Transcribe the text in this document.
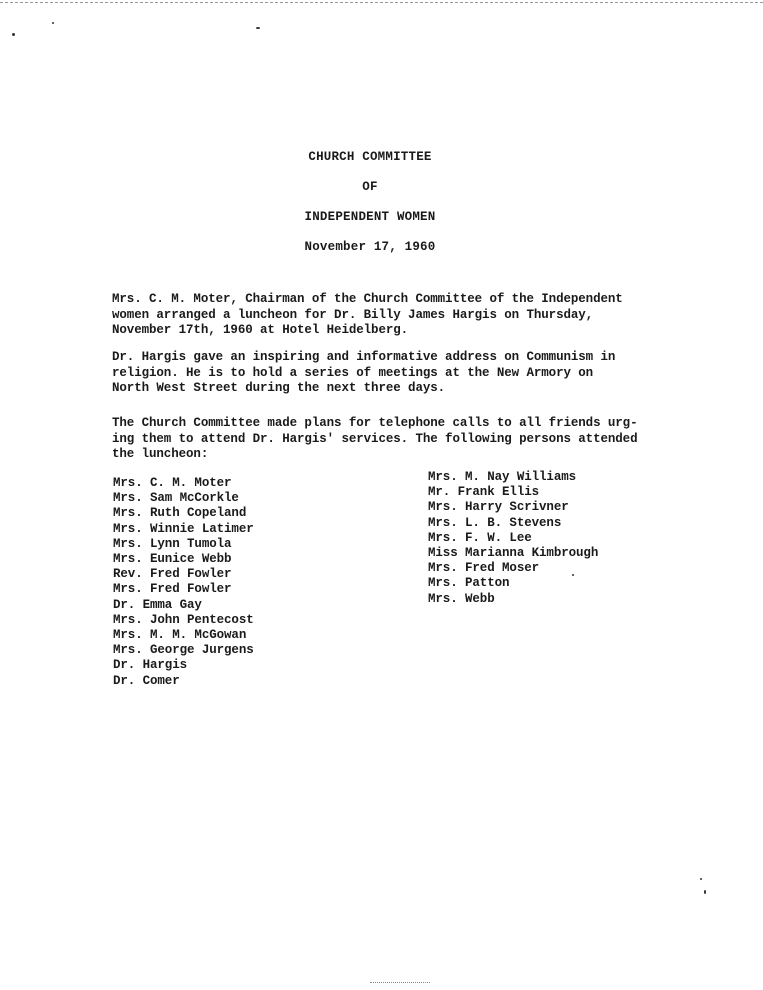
CHURCH COMMITTEE
OF
INDEPENDENT WOMEN
November 17, 1960
Mrs. C. M. Moter, Chairman of the Church Committee of the Independent
women arranged a luncheon for Dr. Billy James Hargis on Thursday,
November 17th, 1960 at Hotel Heidelberg.
Dr. Hargis gave an inspiring and informative address on Communism in
religion. He is to hold a series of meetings at the New Armory on
North West Street during the next three days.
The Church Committee made plans for telephone calls to all friends urg-
ing them to attend Dr. Hargis' services. The following persons attended
the luncheon:
Mrs. C. M. Moter
Mrs. Sam McCorkle
Mrs. Ruth Copeland
Mrs. Winnie Latimer
Mrs. Lynn Tumola
Mrs. Eunice Webb
Rev. Fred Fowler
Mrs. Fred Fowler
Dr. Emma Gay
Mrs. John Pentecost
Mrs. M. M. McGowan
Mrs. George Jurgens
Dr. Hargis
Dr. Comer
Mrs. M. Nay Williams
Mr. Frank Ellis
Mrs. Harry Scrivner
Mrs. L. B. Stevens
Mrs. F. W. Lee
Miss Marianna Kimbrough
Mrs. Fred Moser
Mrs. Patton
Mrs. Webb
